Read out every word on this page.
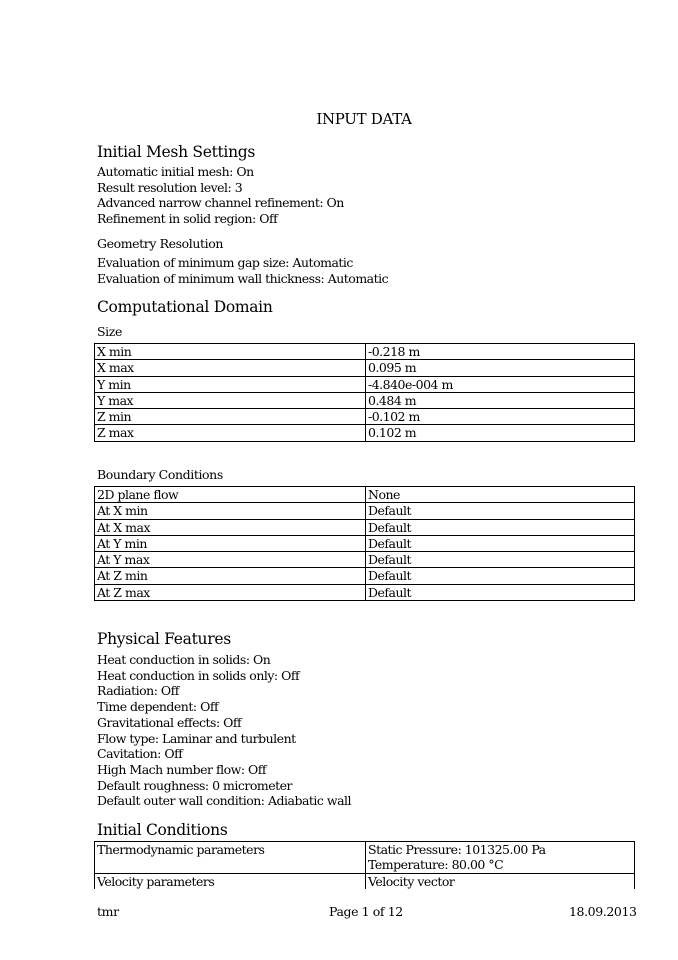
INPUT DATA
Initial Mesh Settings
Automatic initial mesh: On
Result resolution level: 3
Advanced narrow channel refinement: On
Refinement in solid region: Off
Geometry Resolution
Evaluation of minimum gap size: Automatic
Evaluation of minimum wall thickness: Automatic
Computational Domain
Size
X min	-0.218 m
X max	0.095 m
Y min	-4.840e-004 m
Y max	0.484 m
Z min	-0.102 m
Z max	0.102 m
Boundary Conditions
2D plane flow	None
At X min	Default
At X max	Default
At Y min	Default
At Y max	Default
At Z min	Default
At Z max	Default
Physical Features
Heat conduction in solids: On
Heat conduction in solids only: Off
Radiation: Off
Time dependent: Off
Gravitational effects: Off
Flow type: Laminar and turbulent
Cavitation: Off
High Mach number flow: Off
Default roughness: 0 micrometer
Default outer wall condition: Adiabatic wall
Initial Conditions
Thermodynamic parameters	Static Pressure: 101325.00 Pa
Temperature: 80.00 °C

Velocity parameters	Velocity vector
tmr	Page 1 of 12	18.09.2013
